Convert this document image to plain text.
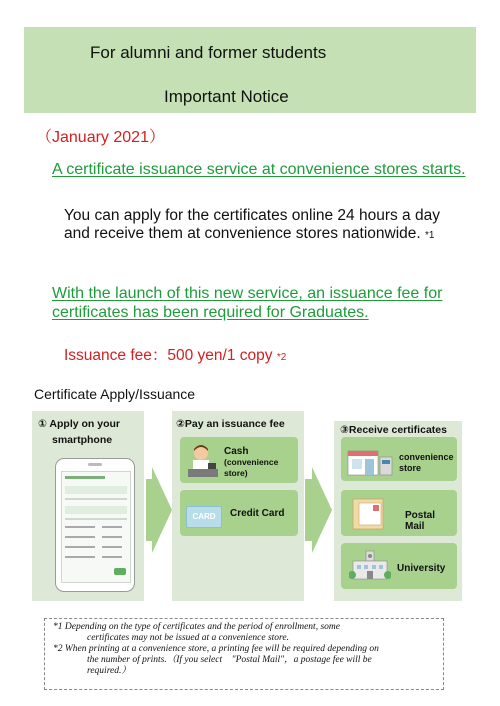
For alumni and former students
Important Notice
（January 2021）
A certificate issuance service at convenience stores starts.
You can apply for the certificates online 24 hours a day and receive them at convenience stores nationwide. *1
With the launch of this new service, an issuance fee for certificates has been required for Graduates.
Issuance fee：500 yen/1 copy *2
Certificate Apply/Issuance
① Apply on your
smartphone
②Pay an issuance fee
Cash
(convenience store)
CARD	Credit Card
③Receive certificates
convenience store
Postal Mail
University
*1 Depending on the type of certificates and the period of enrollment, some
certificates may not be issued at a convenience store.
*2 When printing at a convenience store, a printing fee will be required depending on
the number of prints.（If you select　"Postal Mail"，a postage fee will be
required.）
